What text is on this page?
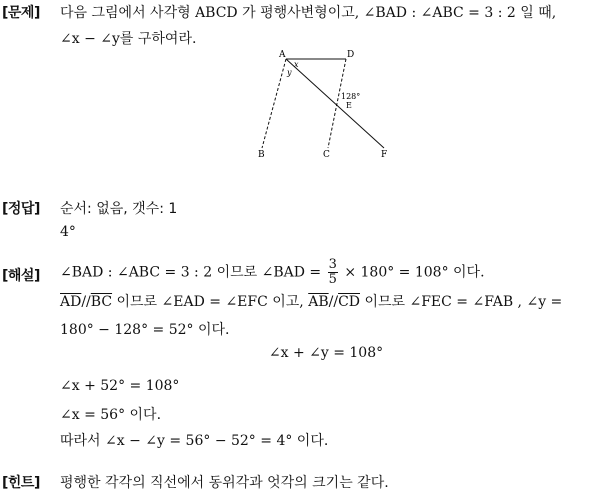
[문제] 다음 그림에서 사각형 ABCD 가 평행사변형이고, ∠BAD : ∠ABC = 3 : 2 일 때,
∠x − ∠y를 구하여라.
A	D
x
y
128°
E
B	C	F
[정답] 순서: 없음, 갯수: 1
4°
[해설] ∠BAD : ∠ABC = 3 : 2 이므로 ∠BAD = $\frac{3}{5} \times 180^\circ = 108^\circ$ 이다.
$\overline{AD}//\overline{BC}$ 이므로 ∠EAD = ∠EFC 이고, $\overline{AB}//\overline{CD}$ 이므로 ∠FEC = ∠FAB , ∠y =
180° − 128° = 52° 이다.
∠x + ∠y = 108°
∠x + 52° = 108°
∠x = 56° 이다.
따라서 ∠x − ∠y = 56° − 52° = 4° 이다.
[힌트] 평행한 각각의 직선에서 동위각과 엇각의 크기는 같다.
